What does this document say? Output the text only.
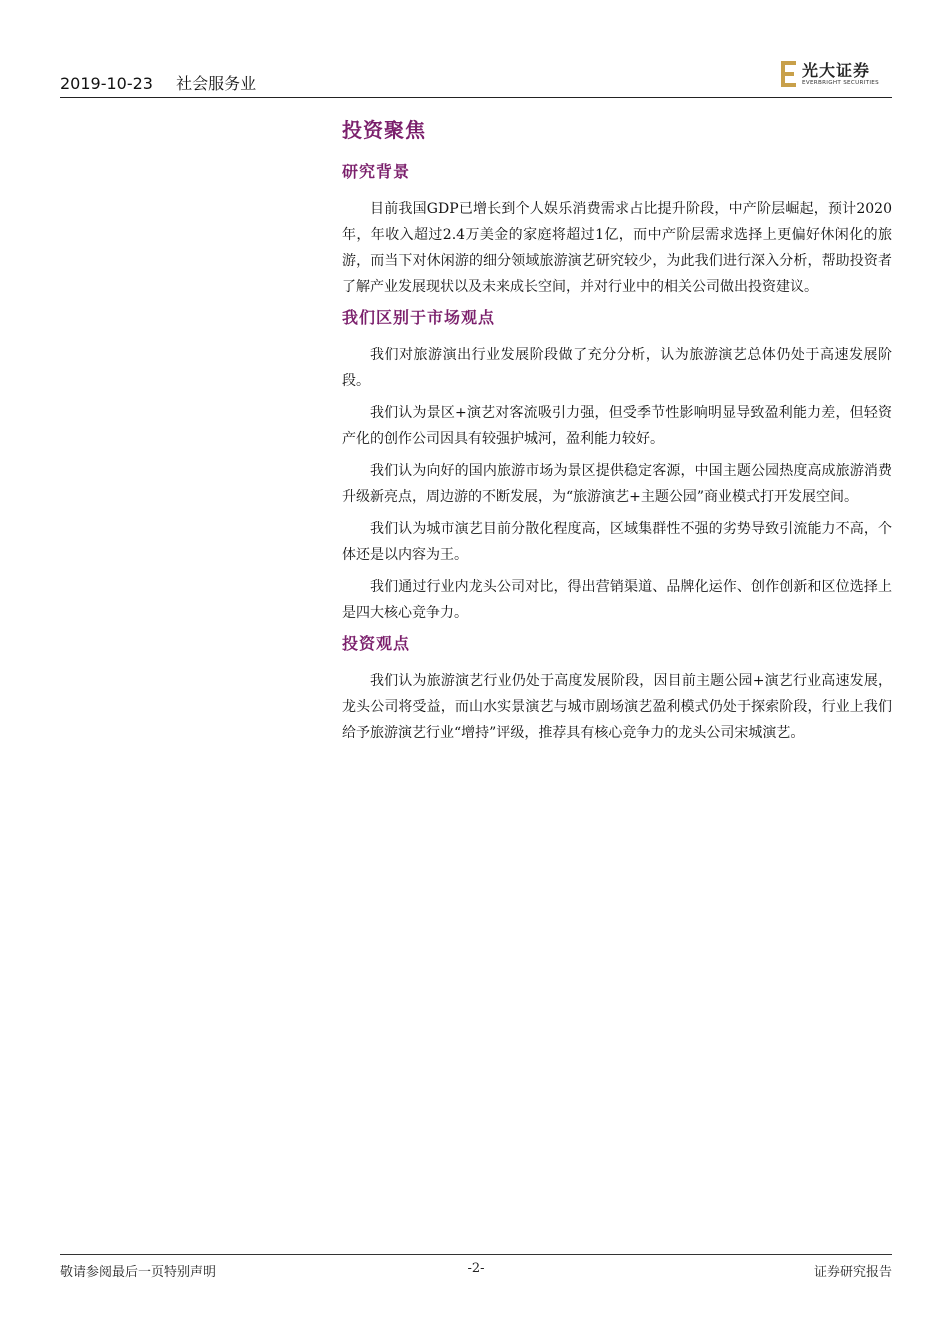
2019-10-23 社会服务业
光大证券
EVERBRIGHT SECURITIES
投资聚焦
研究背景

目前我国GDP已增长到个人娱乐消费需求占比提升阶段，中产阶层崛起，预计2020年，年收入超过2.4万美金的家庭将超过1亿，而中产阶层需求选择上更偏好休闲化的旅游，而当下对休闲游的细分领域旅游演艺研究较少，为此我们进行深入分析，帮助投资者了解产业发展现状以及未来成长空间，并对行业中的相关公司做出投资建议。

我们区别于市场观点

我们对旅游演出行业发展阶段做了充分分析，认为旅游演艺总体仍处于高速发展阶段。

我们认为景区+演艺对客流吸引力强，但受季节性影响明显导致盈利能力差，但轻资产化的创作公司因具有较强护城河，盈利能力较好。

我们认为向好的国内旅游市场为景区提供稳定客源，中国主题公园热度高成旅游消费升级新亮点，周边游的不断发展，为“旅游演艺+主题公园”商业模式打开发展空间。

我们认为城市演艺目前分散化程度高，区域集群性不强的劣势导致引流能力不高，个体还是以内容为王。

我们通过行业内龙头公司对比，得出营销渠道、品牌化运作、创作创新和区位选择上是四大核心竞争力。

投资观点

我们认为旅游演艺行业仍处于高度发展阶段，因目前主题公园+演艺行业高速发展，龙头公司将受益，而山水实景演艺与城市剧场演艺盈利模式仍处于探索阶段，行业上我们给予旅游演艺行业“增持”评级，推荐具有核心竞争力的龙头公司宋城演艺。

敬请参阅最后一页特别声明	-2-	证券研究报告
